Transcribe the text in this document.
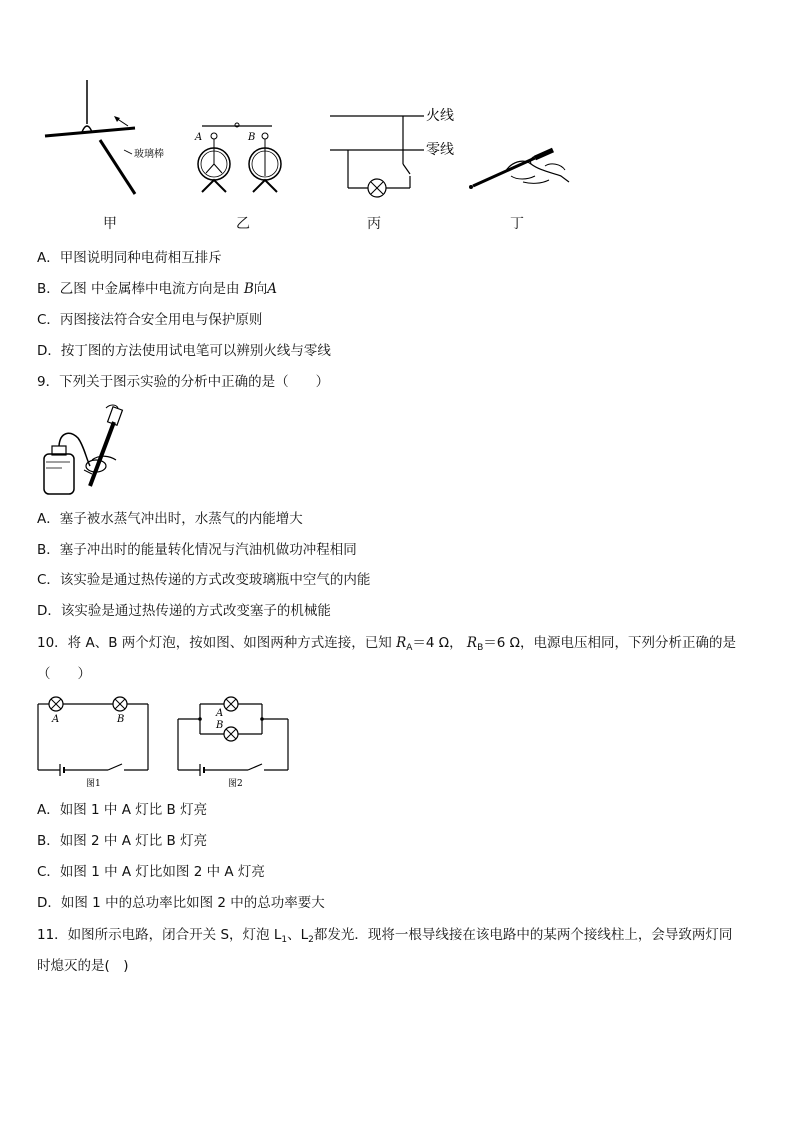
玻璃棒
A	B
火线
零线
甲	乙	丙	丁
A．甲图说明同种电荷相互排斥
B．乙图 中金属棒中电流方向是由 B向A
C．丙图接法符合安全用电与保护原则
D．按丁图的方法使用试电笔可以辨别火线与零线
9．下列关于图示实验的分析中正确的是（　　）
A．塞子被水蒸气冲出时，水蒸气的内能增大
B．塞子冲出时的能量转化情况与汽油机做功冲程相同
C．该实验是通过热传递的方式改变玻璃瓶中空气的内能
D．该实验是通过热传递的方式改变塞子的机械能
10．将 A、B 两个灯泡，按如图、如图两种方式连接，已知 $R_A=4$ Ω， $R_B=6$ Ω，电源电压相同，下列分析正确的是
（　　）
A	B
图1
A
B
图2
A．如图 1 中 A 灯比 B 灯亮
B．如图 2 中 A 灯比 B 灯亮
C．如图 1 中 A 灯比如图 2 中 A 灯亮
D．如图 1 中的总功率比如图 2 中的总功率要大
11．如图所示电路，闭合开关 S，灯泡 $L_1$、$L_2$都发光．现将一根导线接在该电路中的某两个接线柱上，会导致两灯同
时熄灭的是(　)
